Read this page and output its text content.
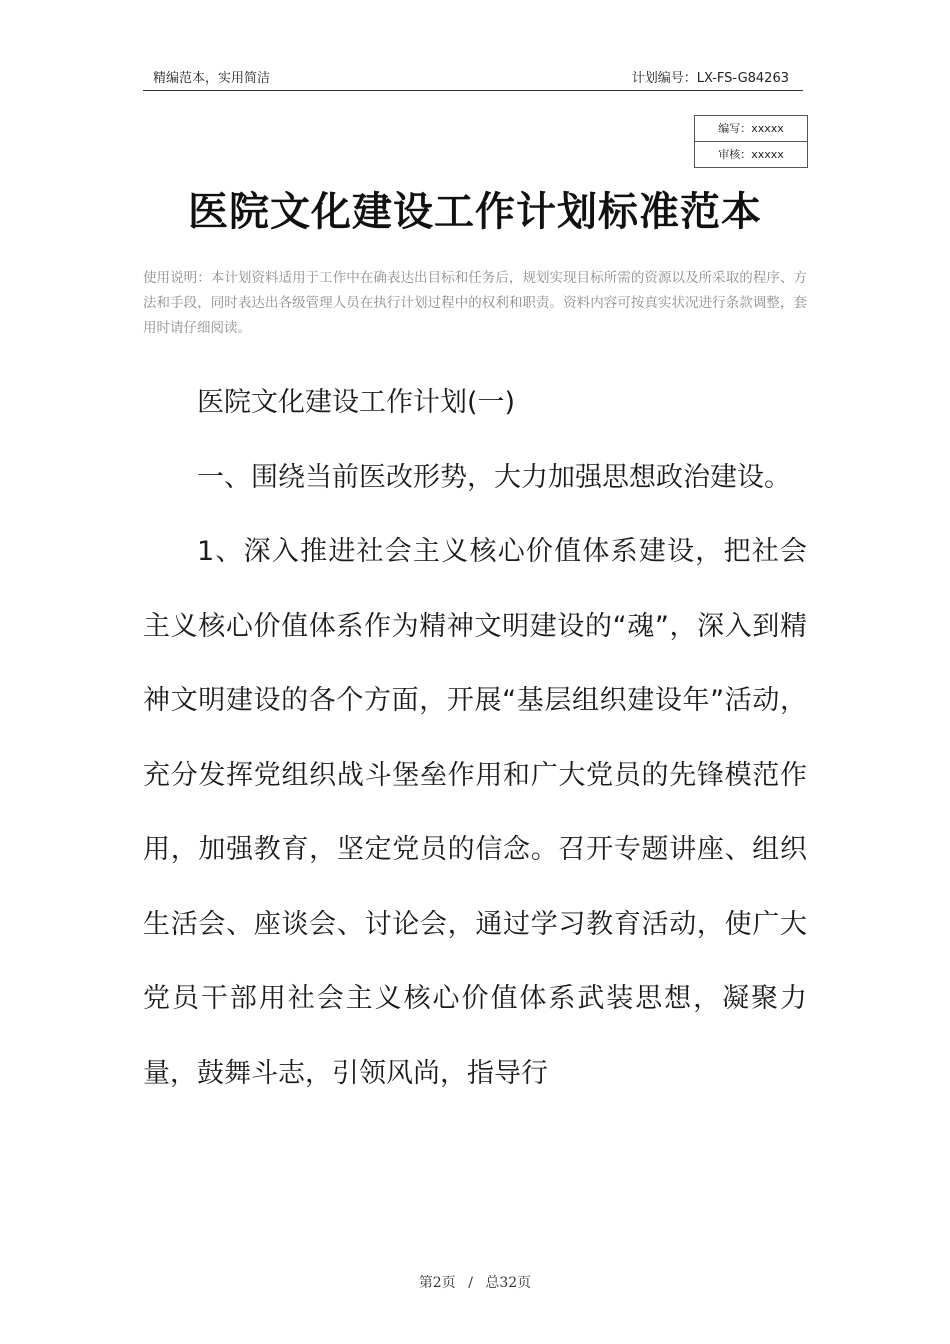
精编范本，实用简洁	计划编号：LX-FS-G84263
编写：xxxxx
审核：xxxxx
医院文化建设工作计划标准范本
使用说明：本计划资料适用于工作中在确表达出目标和任务后，规划实现目标所需的资源以及所采取的程序、方法和手段，同时表达出各级管理人员在执行计划过程中的权利和职责。资料内容可按真实状况进行条款调整，套用时请仔细阅读。

医院文化建设工作计划(一)

一、围绕当前医改形势，大力加强思想政治建设。

1、深入推进社会主义核心价值体系建设，把社会主义核心价值体系作为精神文明建设的“魂”，深入到精神文明建设的各个方面，开展“基层组织建设年”活动，充分发挥党组织战斗堡垒作用和广大党员的先锋模范作用，加强教育，坚定党员的信念。召开专题讲座、组织生活会、座谈会、讨论会，通过学习教育活动，使广大党员干部用社会主义核心价值体系武装思想，凝聚力量，鼓舞斗志，引领风尚，指导行

第2页 / 总32页
